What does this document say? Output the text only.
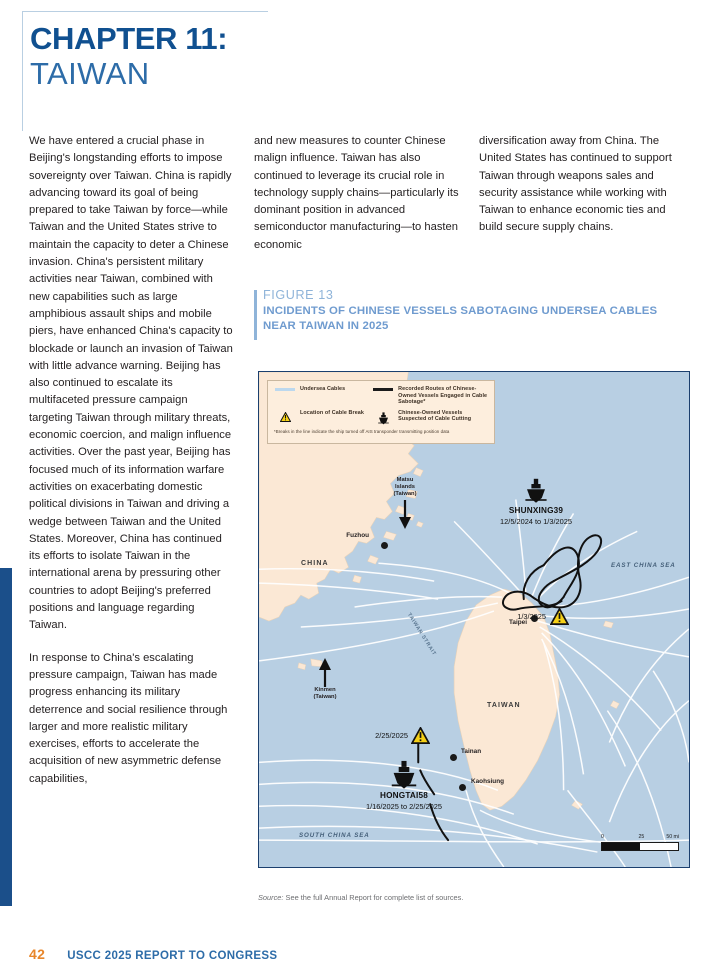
CHAPTER 11:
TAIWAN

We have entered a crucial phase in Beijing's longstanding efforts to impose sovereignty over Taiwan. China is rapidly advancing toward its goal of being prepared to take Taiwan by force—while Taiwan and the United States strive to maintain the capacity to deter a Chinese invasion. China's persistent military activities near Taiwan, combined with new capabilities such as large amphibious assault ships and mobile piers, have enhanced China's capacity to blockade or launch an invasion of Taiwan with little advance warning. Beijing has also continued to escalate its multifaceted pressure campaign targeting Taiwan through military threats, economic coercion, and malign influence activities. Over the past year, Beijing has focused much of its information warfare activities on exacerbating domestic political divisions in Taiwan and driving a wedge between Taiwan and the United States. Moreover, China has continued its efforts to isolate Taiwan in the international arena by pressuring other countries to adopt Beijing's preferred positions and language regarding Taiwan.

In response to China's escalating pressure campaign, Taiwan has made progress enhancing its military deterrence and social resilience through larger and more realistic military exercises, efforts to accelerate the acquisition of new asymmetric defense capabilities,

and new measures to counter Chinese malign influence. Taiwan has also continued to leverage its crucial role in technology supply chains—particularly its dominant position in advanced semiconductor manufacturing—to hasten economic

diversification away from China. The United States has continued to support Taiwan through weapons sales and security assistance while working with Taiwan to enhance economic ties and build secure supply chains.

FIGURE 13
INCIDENTS OF CHINESE VESSELS SABOTAGING UNDERSEA CABLES NEAR TAIWAN IN 2025
Undersea Cables	Recorded Routes of Chinese-Owned Vessels Engaged in Cable Sabotage*
Location of Cable Break	Chinese-Owned Vessels Suspected of Cable Cutting
*Breaks in the line indicate the ship turned off AIS transponder transmitting position data
CHINA
TAIWAN
EAST CHINA SEA
SOUTH CHINA SEA
TAIWAN STRAIT
Fuzhou
Taipei
Tainan
Kaohsiung
Matsu
Islands
(Taiwan)
Kinmen
(Taiwan)
SHUNXING39
12/5/2024 to 1/3/2025
1/3/2025
HONGTAI58
1/16/2025 to 2/25/2025
2/25/2025
0	25	50 mi
Source: See the full Annual Report for complete list of sources.
42 USCC 2025 REPORT TO CONGRESS
